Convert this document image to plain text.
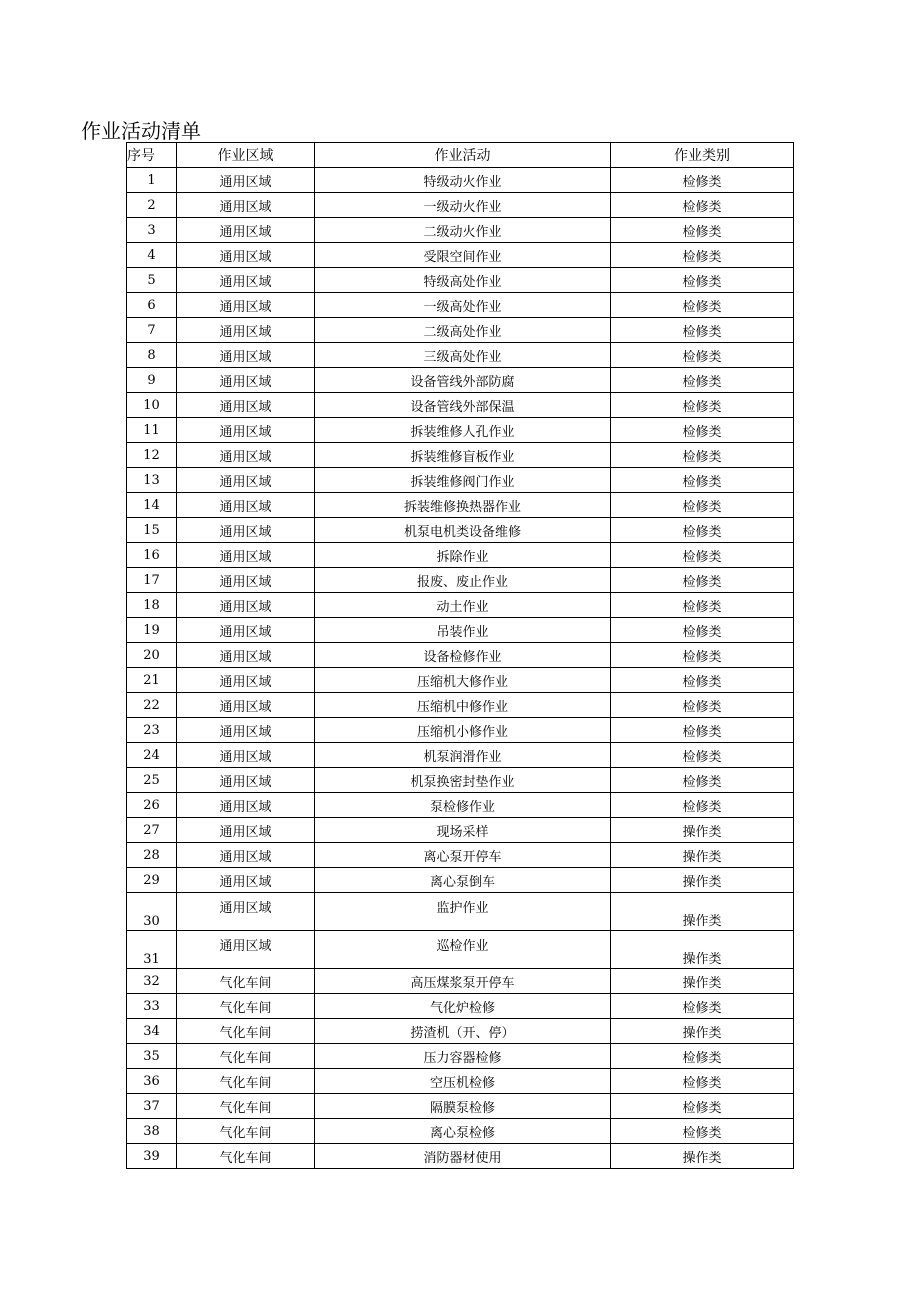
作业活动清单
序号	作业区域	作业活动	作业类别
1	通用区域	特级动火作业	检修类
2	通用区域	一级动火作业	检修类
3	通用区域	二级动火作业	检修类
4	通用区域	受限空间作业	检修类
5	通用区域	特级高处作业	检修类
6	通用区域	一级高处作业	检修类
7	通用区域	二级高处作业	检修类
8	通用区域	三级高处作业	检修类
9	通用区域	设备管线外部防腐	检修类
10	通用区域	设备管线外部保温	检修类
11	通用区域	拆装维修人孔作业	检修类
12	通用区域	拆装维修盲板作业	检修类
13	通用区域	拆装维修阀门作业	检修类
14	通用区域	拆装维修换热器作业	检修类
15	通用区域	机泵电机类设备维修	检修类
16	通用区域	拆除作业	检修类
17	通用区域	报废、废止作业	检修类
18	通用区域	动土作业	检修类
19	通用区域	吊装作业	检修类
20	通用区域	设备检修作业	检修类
21	通用区域	压缩机大修作业	检修类
22	通用区域	压缩机中修作业	检修类
23	通用区域	压缩机小修作业	检修类
24	通用区域	机泵润滑作业	检修类
25	通用区域	机泵换密封垫作业	检修类
26	通用区域	泵检修作业	检修类
27	通用区域	现场采样	操作类
28	通用区域	离心泵开停车	操作类
29	通用区域	离心泵倒车	操作类
30	通用区域	监护作业	操作类
31	通用区域	巡检作业	操作类
32	气化车间	高压煤浆泵开停车	操作类
33	气化车间	气化炉检修	检修类
34	气化车间	捞渣机（开、停）	操作类
35	气化车间	压力容器检修	检修类
36	气化车间	空压机检修	检修类
37	气化车间	隔膜泵检修	检修类
38	气化车间	离心泵检修	检修类
39	气化车间	消防器材使用	操作类
